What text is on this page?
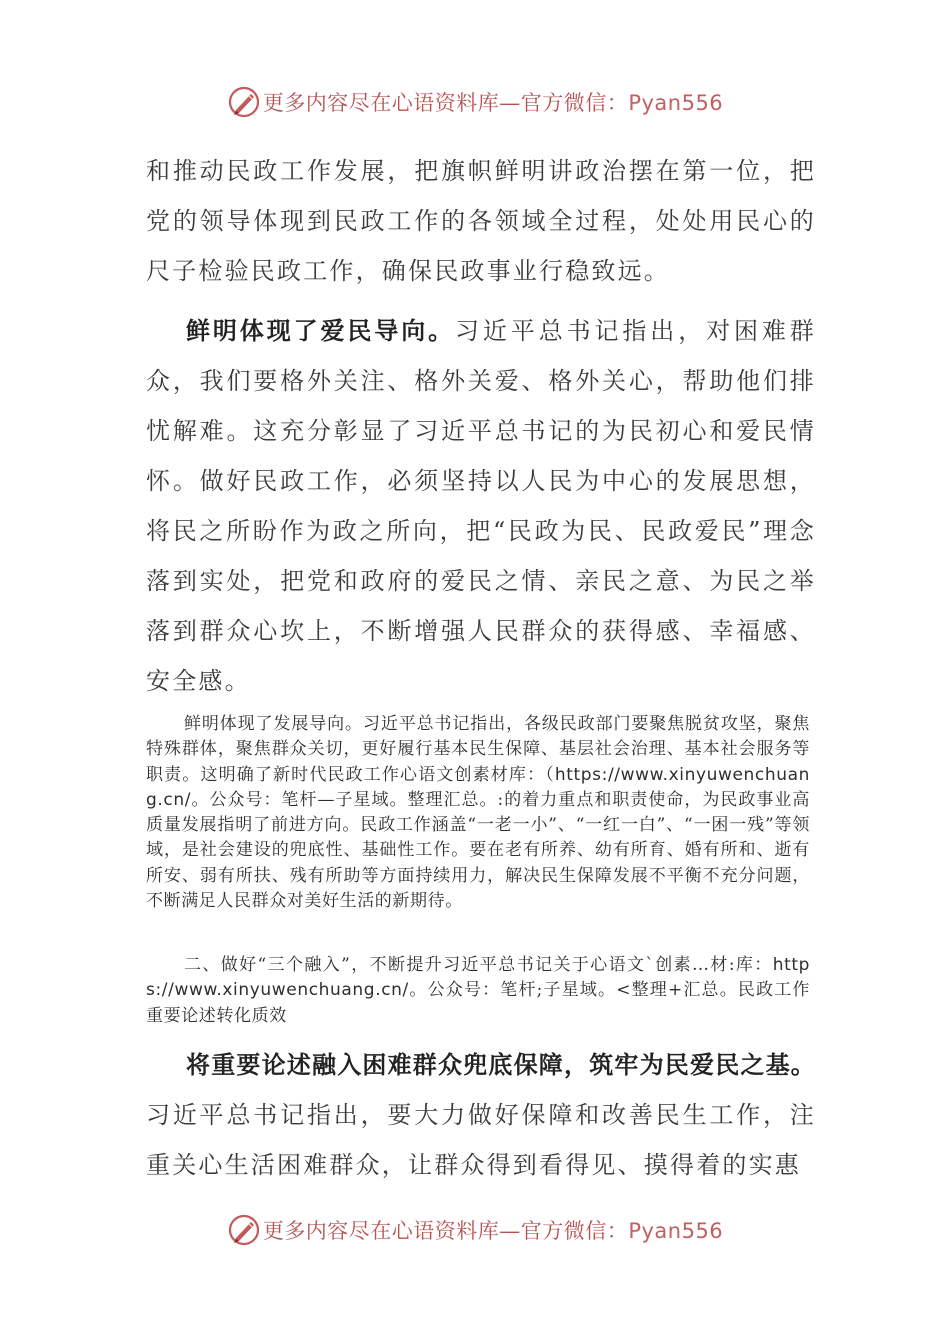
更多内容尽在心语资料库—官方微信：Pyan556

和推动民政工作发展，把旗帜鲜明讲政治摆在第一位，把党的领导体现到民政工作的各领域全过程，处处用民心的尺子检验民政工作，确保民政事业行稳致远。

鲜明体现了爱民导向。习近平总书记指出，对困难群众，我们要格外关注、格外关爱、格外关心，帮助他们排忧解难。这充分彰显了习近平总书记的为民初心和爱民情怀。做好民政工作，必须坚持以人民为中心的发展思想，将民之所盼作为政之所向，把“民政为民、民政爱民”理念落到实处，把党和政府的爱民之情、亲民之意、为民之举落到群众心坎上，不断增强人民群众的获得感、幸福感、安全感。

鲜明体现了发展导向。习近平总书记指出，各级民政部门要聚焦脱贫攻坚，聚焦特殊群体，聚焦群众关切，更好履行基本民生保障、基层社会治理、基本社会服务等职责。这明确了新时代民政工作心语文创素材库：（https://www.xinyuwenchuang.cn/。公众号：笔杆—子星域。整理汇总。:的着力重点和职责使命，为民政事业高质量发展指明了前进方向。民政工作涵盖“一老一小”、“一红一白”、“一困一残”等领域，是社会建设的兜底性、基础性工作。要在老有所养、幼有所育、婚有所和、逝有所安、弱有所扶、残有所助等方面持续用力，解决民生保障发展不平衡不充分问题，不断满足人民群众对美好生活的新期待。

二、做好“三个融入”，不断提升习近平总书记关于心语文`创素…材:库：https://www.xinyuwenchuang.cn/。公众号：笔杆;子星域。<整理+汇总。民政工作重要论述转化质效

将重要论述融入困难群众兜底保障，筑牢为民爱民之基。习近平总书记指出，要大力做好保障和改善民生工作，注重关心生活困难群众，让群众得到看得见、摸得着的实惠

更多内容尽在心语资料库—官方微信：Pyan556
